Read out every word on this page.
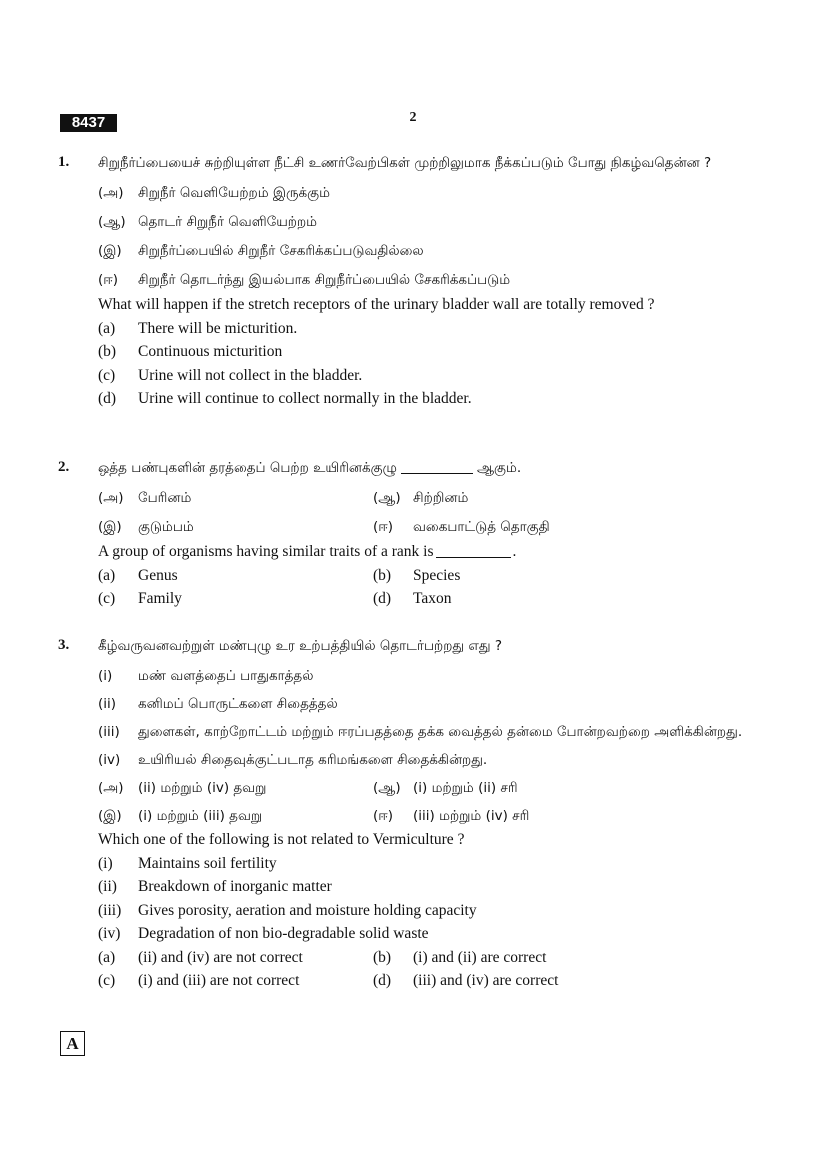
8437	2
1. சிறுநீர்ப்பையைச் சுற்றியுள்ள நீட்சி உணர்வேற்பிகள் முற்றிலுமாக நீக்கப்படும் போது நிகழ்வதென்ன ?
(அ)	சிறுநீர் வெளியேற்றம் இருக்கும்
(ஆ) தொடர் சிறுநீர் வெளியேற்றம்
(இ)	சிறுநீர்ப்பையில் சிறுநீர் சேகரிக்கப்படுவதில்லை
(ஈ)	சிறுநீர் தொடர்ந்து இயல்பாக சிறுநீர்ப்பையில் சேகரிக்கப்படும்
What will happen if the stretch receptors of the urinary bladder wall are totally removed ?
(a)	There will be micturition.
(b)	Continuous micturition
(c)	Urine will not collect in the bladder.
(d)	Urine will continue to collect normally in the bladder.
2. ஒத்த பண்புகளின் தரத்தைப் பெற்ற உயிரினக்குழு	ஆகும்.
(அ)	பேரினம்	(ஆ) சிற்றினம்
(இ)	குடும்பம்	(ஈ)	வகைபாட்டுத் தொகுதி
A group of organisms having similar traits of a rank is	.
(a)	Genus	(b)	Species
(c)	Family	(d)	Taxon
3. கீழ்வருவனவற்றுள் மண்புழு உர உற்பத்தியில் தொடர்பற்றது எது ?
(i)	மண் வளத்தைப் பாதுகாத்தல்
(ii)	கனிமப் பொருட்களை சிதைத்தல்
(iii)	துளைகள், காற்றோட்டம் மற்றும் ஈரப்பதத்தை தக்க வைத்தல் தன்மை போன்றவற்றை அளிக்கின்றது.
(iv)	உயிரியல் சிதைவுக்குட்படாத கரிமங்களை சிதைக்கின்றது.
(அ)	(ii) மற்றும் (iv) தவறு	(ஆ) (i) மற்றும் (ii) சரி
(இ)	(i) மற்றும் (iii) தவறு	(ஈ)	(iii) மற்றும் (iv) சரி
Which one of the following is not related to Vermiculture ?
(i)	Maintains soil fertility
(ii)	Breakdown of inorganic matter
(iii)	Gives porosity, aeration and moisture holding capacity
(iv)	Degradation of non bio-degradable solid waste
(a)	(ii) and (iv) are not correct	(b)	(i) and (ii) are correct
(c)	(i) and (iii) are not correct	(d)	(iii) and (iv) are correct
A
